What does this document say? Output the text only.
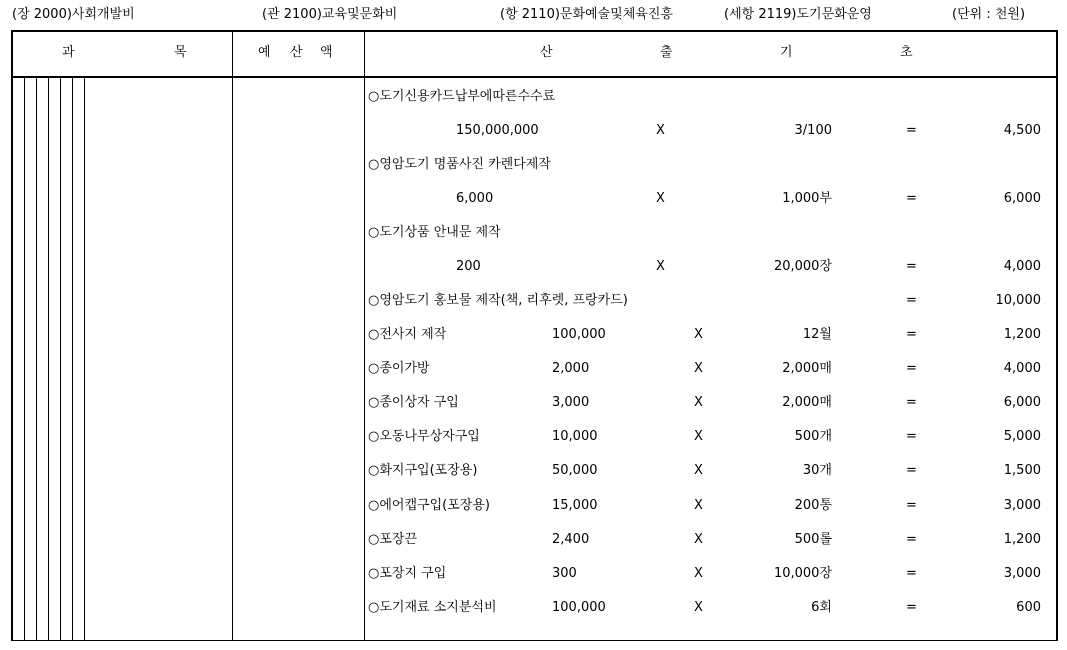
(장 2000)사회개발비	(관 2100)교육및문화비	(항 2110)문화예술및체육진흥	(세항 2119)도기문화운영	(단위 : 천원)
과	목	예 산 액	산	출	기	초
○도기신용카드납부에따른수수료
150,000,000	X	3/100	=	4,500
○영암도기 명품사진 카렌다제작
6,000	X	1,000부	=	6,000
○도기상품 안내문 제작
200	X	20,000장	=	4,000
○영암도기 홍보물 제작(책, 리후렛, 프랑카드)	=	10,000
○전사지 제작	100,000	X	12월	=	1,200
○종이가방	2,000	X	2,000매	=	4,000
○종이상자 구입	3,000	X	2,000매	=	6,000
○오동나무상자구입	10,000	X	500개	=	5,000
○화지구입(포장용)	50,000	X	30개	=	1,500
○에어캡구입(포장용)	15,000	X	200통	=	3,000
○포장끈	2,400	X	500롤	=	1,200
○포장지 구입	300	X	10,000장	=	3,000
○도기재료 소지분석비	100,000	X	6회	=	600
